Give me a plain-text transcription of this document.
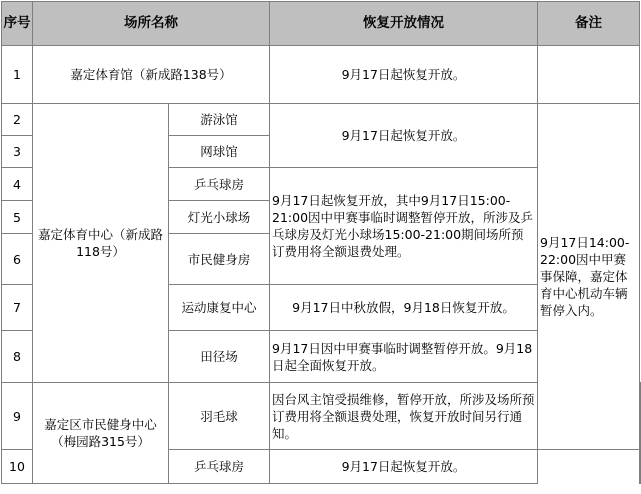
序号	场所名称		恢复开放情况	备注	
1	嘉定体育馆（新成路138号）		9月17日起恢复开放。		
2	嘉定体育中心（新成路118号）	游泳馆	9月17日起恢复开放。	9月17日14:00-22:00因中甲赛事保障，嘉定体育中心机动车辆暂停入内。	
3		网球馆			
4		乒乓球房	9月17日起恢复开放，其中9月17日15:00-21:00因中甲赛事临时调整暂停开放，所涉及乒乓球房及灯光小球场15:00-21:00期间场所预订费用将全额退费处理。		
5		灯光小球场			
6		市民健身房			
7		运动康复中心	9月17日中秋放假，9月18日恢复开放。		
8		田径场	9月17日因中甲赛事临时调整暂停开放。9月18日起全面恢复开放。		
9	嘉定区市民健身中心（梅园路315号）	羽毛球	因台风主馆受损维修，暂停开放，所涉及场所预订费用将全额退费处理，恢复开放时间另行通知。		
10		乒乓球房	9月17日起恢复开放。		
